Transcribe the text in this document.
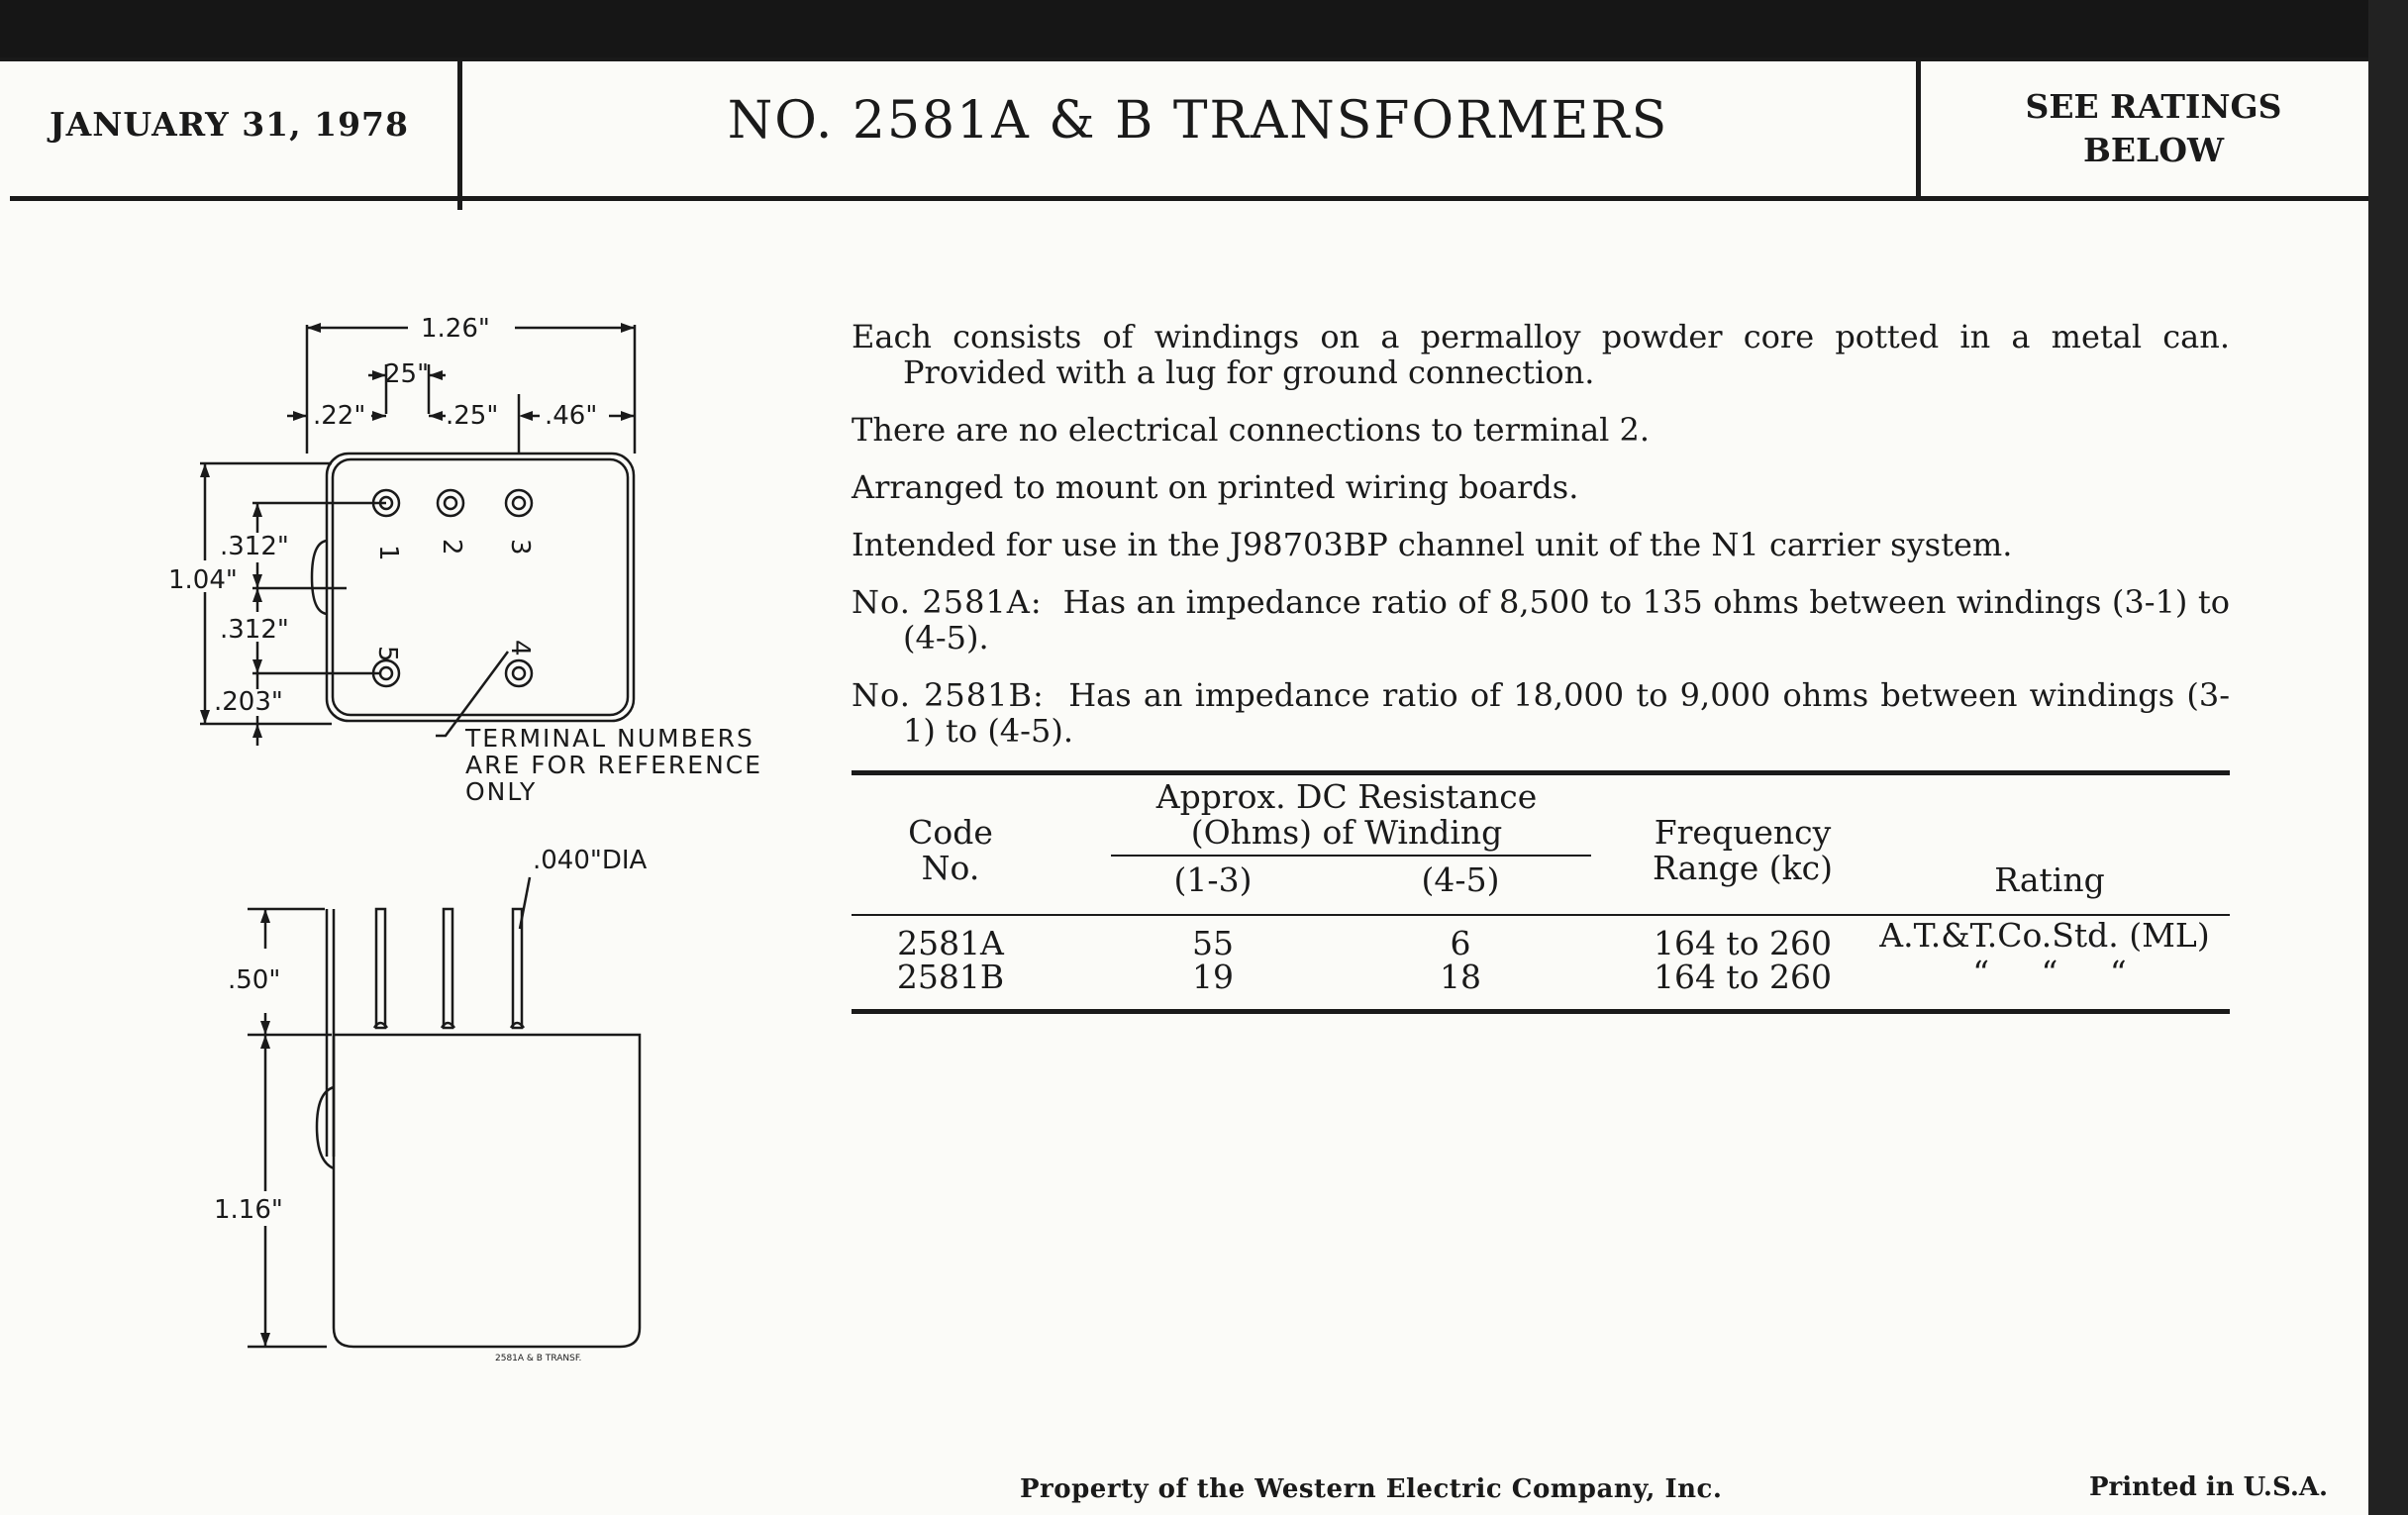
JANUARY 31, 1978	NO. 2581A & B TRANSFORMERS	SEE RATINGS
BELOW
1.26"
25"
.22"	.25" .46"
1.04"
.312"
.312"
.203"
1 2 3
5	4
TERMINAL NUMBERS
ARE FOR REFERENCE
ONLY
.040"DIA
.50"
1.16"
2581A & B TRANSF.

Each consists of windings on a permalloy powder core potted in a metal can. Provided with a lug for ground connection.

There are no electrical connections to terminal 2.

Arranged to mount on printed wiring boards.

Intended for use in the J98703BP channel unit of the N1 carrier system.

No. 2581A: Has an impedance ratio of 8,500 to 135 ohms between windings (3-1) to (4-5).

No. 2581B: Has an impedance ratio of 18,000 to 9,000 ohms between windings (3-1) to (4-5).

Code
No.
Approx. DC Resistance
(Ohms) of Winding
(1-3)	(4-5)
Frequency
Range (kc)	Rating
2581A	55	6	164 to 260	A.T.&T.Co.Std. (ML)
2581B	19	18	164 to 260	“     “     “
Property of the Western Electric Company, Inc.	Printed in U.S.A.
